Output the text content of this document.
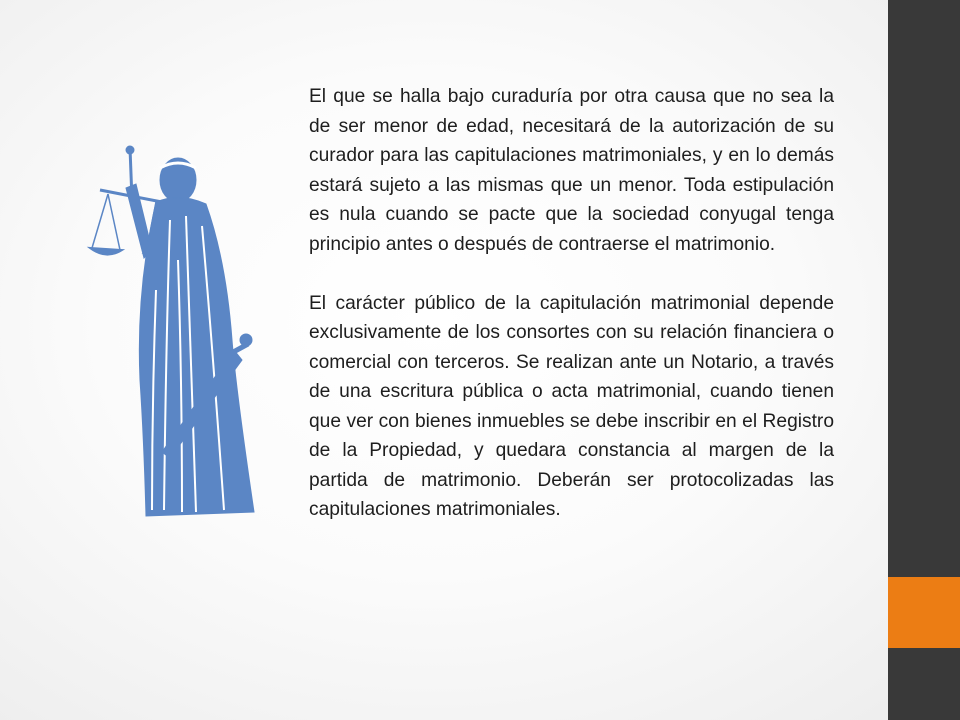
El que se halla bajo curaduría por otra causa que no sea la de ser menor de edad, necesitará de la autorización de su curador para las capitulaciones matrimoniales, y en lo demás estará sujeto a las mismas que un menor. Toda estipulación es nula cuando se pacte que la sociedad conyugal tenga principio antes o después de contraerse el matrimonio.

El carácter público de la capitulación matrimonial depende exclusivamente de los consortes con su relación financiera o comercial con terceros. Se realizan ante un Notario, a través de una escritura pública o acta matrimonial, cuando tienen que ver con bienes inmuebles se debe inscribir en el Registro de la Propiedad, y quedara constancia al margen de la partida de matrimonio. Deberán ser protocolizadas las capitulaciones matrimoniales.
